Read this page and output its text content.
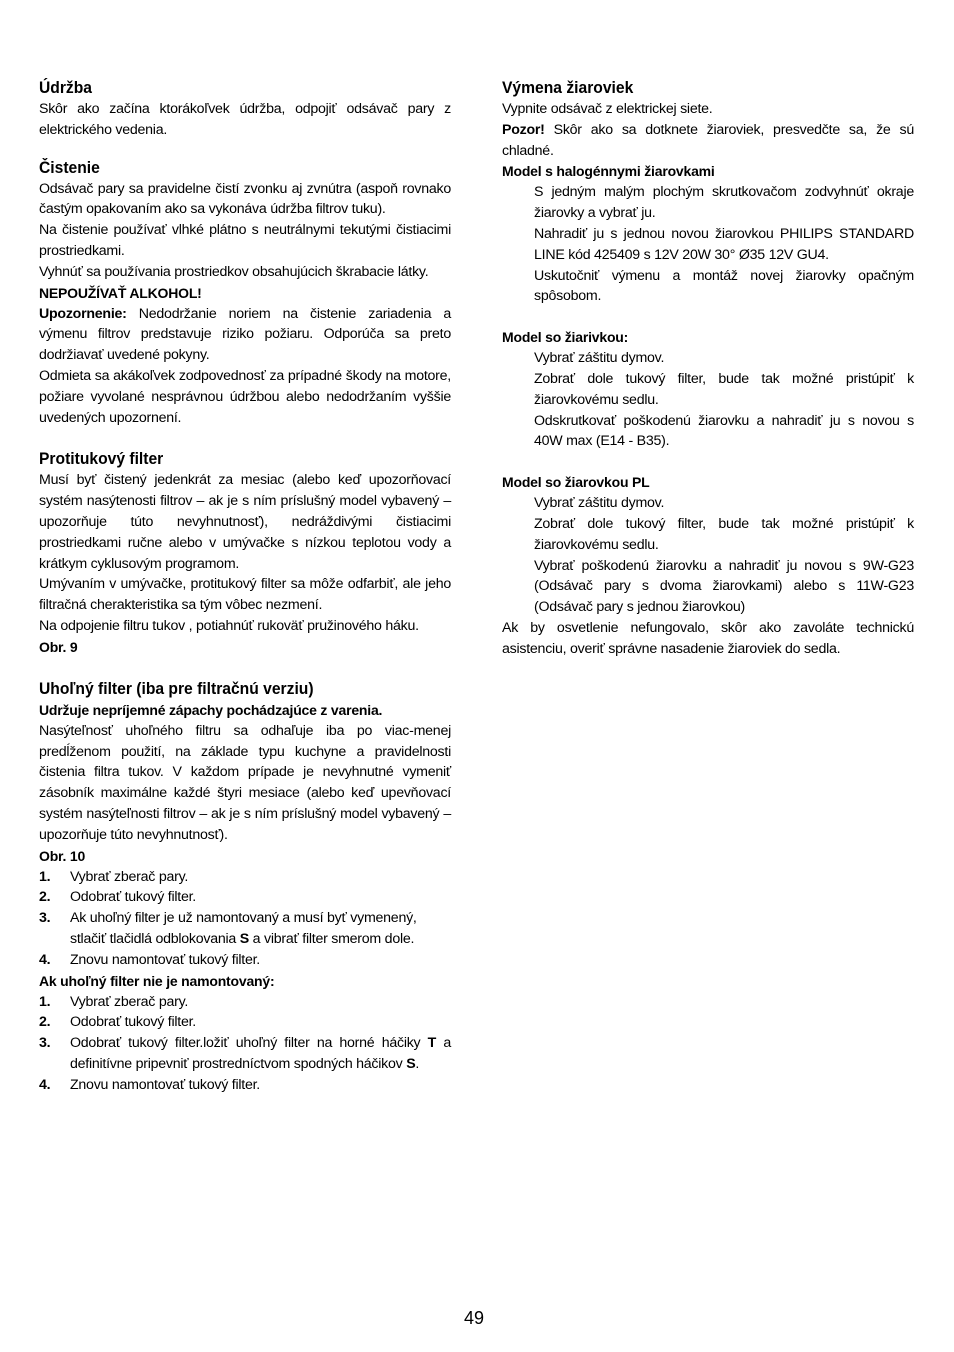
Údržba

Skôr ako začína ktorákoľvek údržba, odpojiť odsávač pary z elektrického vedenia.

Čistenie

Odsávač pary sa pravidelne čistí zvonku aj zvnútra (aspoň rovnako častým opakovaním ako sa vykonáva údržba filtrov tuku).

Na čistenie používať vlhké plátno s neutrálnymi tekutými čistiacimi prostriedkami.

Vyhnúť sa používania prostriedkov obsahujúcich škrabacie látky.

NEPOUŽÍVAŤ ALKOHOL!

Upozornenie: Nedodržanie noriem na čistenie zariadenia a výmenu filtrov predstavuje riziko požiaru. Odporúča sa preto dodržiavať uvedené pokyny.

Odmieta sa akákoľvek zodpovednosť za prípadné škody na motore, požiare vyvolané nesprávnou údržbou alebo nedodržaním vyššie uvedených upozornení.

Protitukový filter

Musí byť čistený jedenkrát za mesiac (alebo keď upozorňovací systém nasýtenosti filtrov – ak je s ním príslušný model vybavený – upozorňuje túto nevyhnutnosť), nedráždivými čistiacimi prostriedkami ručne alebo v umývačke s nízkou teplotou vody a krátkym cyklusovým programom.

Umývaním v umývačke, protitukový filter sa môže odfarbiť, ale jeho filtračná cherakteristika sa tým vôbec nezmení.

Na odpojenie filtru tukov , potiahnúť rukoväť pružinového háku.

Obr. 9

Uhoľný filter (iba pre filtračnú verziu)

Udržuje nepríjemné zápachy pochádzajúce z varenia.

Nasýteľnosť uhoľného filtru sa odhaľuje iba po viac-menej predĺženom použití, na základe typu kuchyne a pravidelnosti čistenia filtra tukov. V každom prípade je nevyhnutné vymeniť zásobník maximálne každé štyri mesiace (alebo keď upevňovací systém nasýteľnosti filtrov – ak je s ním príslušný model vybavený – upozorňuje túto nevyhnutnosť).

Obr. 10

1.	Vybrať zberač pary.
2.	Odobrať tukový filter.
3.	Ak uhoľný filter je už namontovaný a musí byť vymenený, stlačiť tlačidlá odblokovania S a vibrať filter smerom dole.
4.	Znovu namontovať tukový filter.

Ak uhoľný filter nie je namontovaný:

1.	Vybrať zberač pary.
2.	Odobrať tukový filter.
3.	Odobrať tukový filter.ložiť uhoľný filter na horné háčiky T a definitívne pripevniť prostredníctvom spodných háčikov S.
4.	Znovu namontovať tukový filter.
Výmena žiaroviek

Vypnite odsávač z elektrickej siete.

Pozor! Skôr ako sa dotknete žiaroviek, presvedčte sa, že sú chladné.

Model s halogénnymi žiarovkami

S jedným malým plochým skrutkovačom zodvyhnúť okraje žiarovky a vybrať ju.

Nahradiť ju s jednou novou žiarovkou PHILIPS STANDARD LINE kód 425409 s 12V 20W 30° Ø35 12V GU4.

Uskutočniť výmenu a montáž novej žiarovky opačným spôsobom.

Model so žiarivkou:

Vybrať záštitu dymov.

Zobrať dole tukový filter, bude tak možné pristúpiť k žiarovkovému sedlu.

Odskrutkovať poškodenú žiarovku a nahradiť ju s novou s 40W max (E14 - B35).

Model so žiarovkou PL

Vybrať záštitu dymov.

Zobrať dole tukový filter, bude tak možné pristúpiť k žiarovkovému sedlu.

Vybrať poškodenú žiarovku a nahradiť ju novou s 9W-G23 (Odsávač pary s dvoma žiarovkami) alebo s 11W-G23 (Odsávač pary s jednou žiarovkou)

Ak by osvetlenie nefungovalo, skôr ako zavoláte technickú asistenciu, overiť správne nasadenie žiaroviek do sedla.

49
